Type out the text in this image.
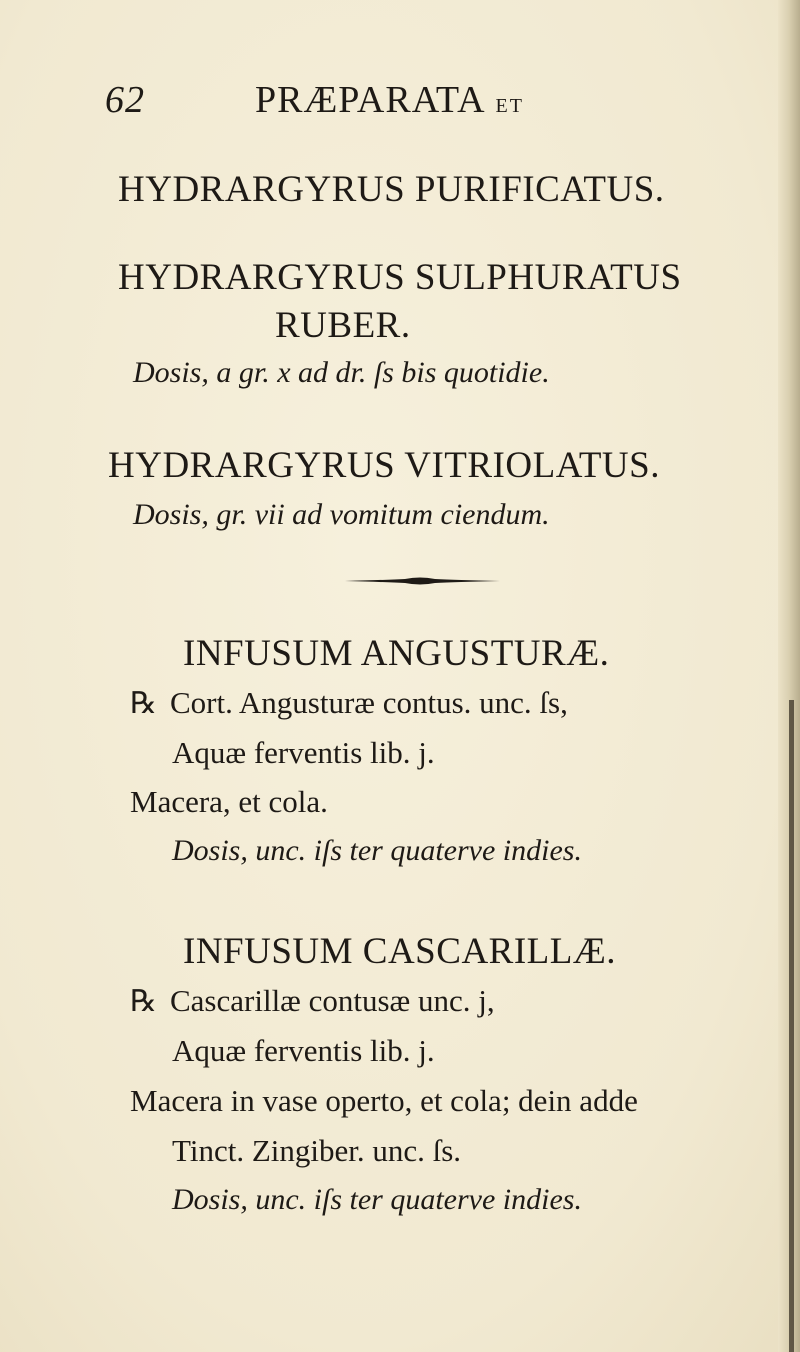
62	PRÆPARATA ET
HYDRARGYRUS PURIFICATUS.
HYDRARGYRUS SULPHURATUS
RUBER.
Dosis, a gr. x ad dr. ſs bis quotidie.
HYDRARGYRUS VITRIOLATUS.
Dosis, gr. vii ad vomitum ciendum.
INFUSUM ANGUSTURÆ.
℞ Cort. Angusturæ contus. unc. ſs,
Aquæ ferventis lib. j.
Macera, et cola.
Dosis, unc. iſs ter quaterve indies.
INFUSUM CASCARILLÆ.
℞ Cascarillæ contusæ unc. j,
Aquæ ferventis lib. j.
Macera in vase operto, et cola; dein adde
Tinct. Zingiber. unc. ſs.
Dosis, unc. iſs ter quaterve indies.
